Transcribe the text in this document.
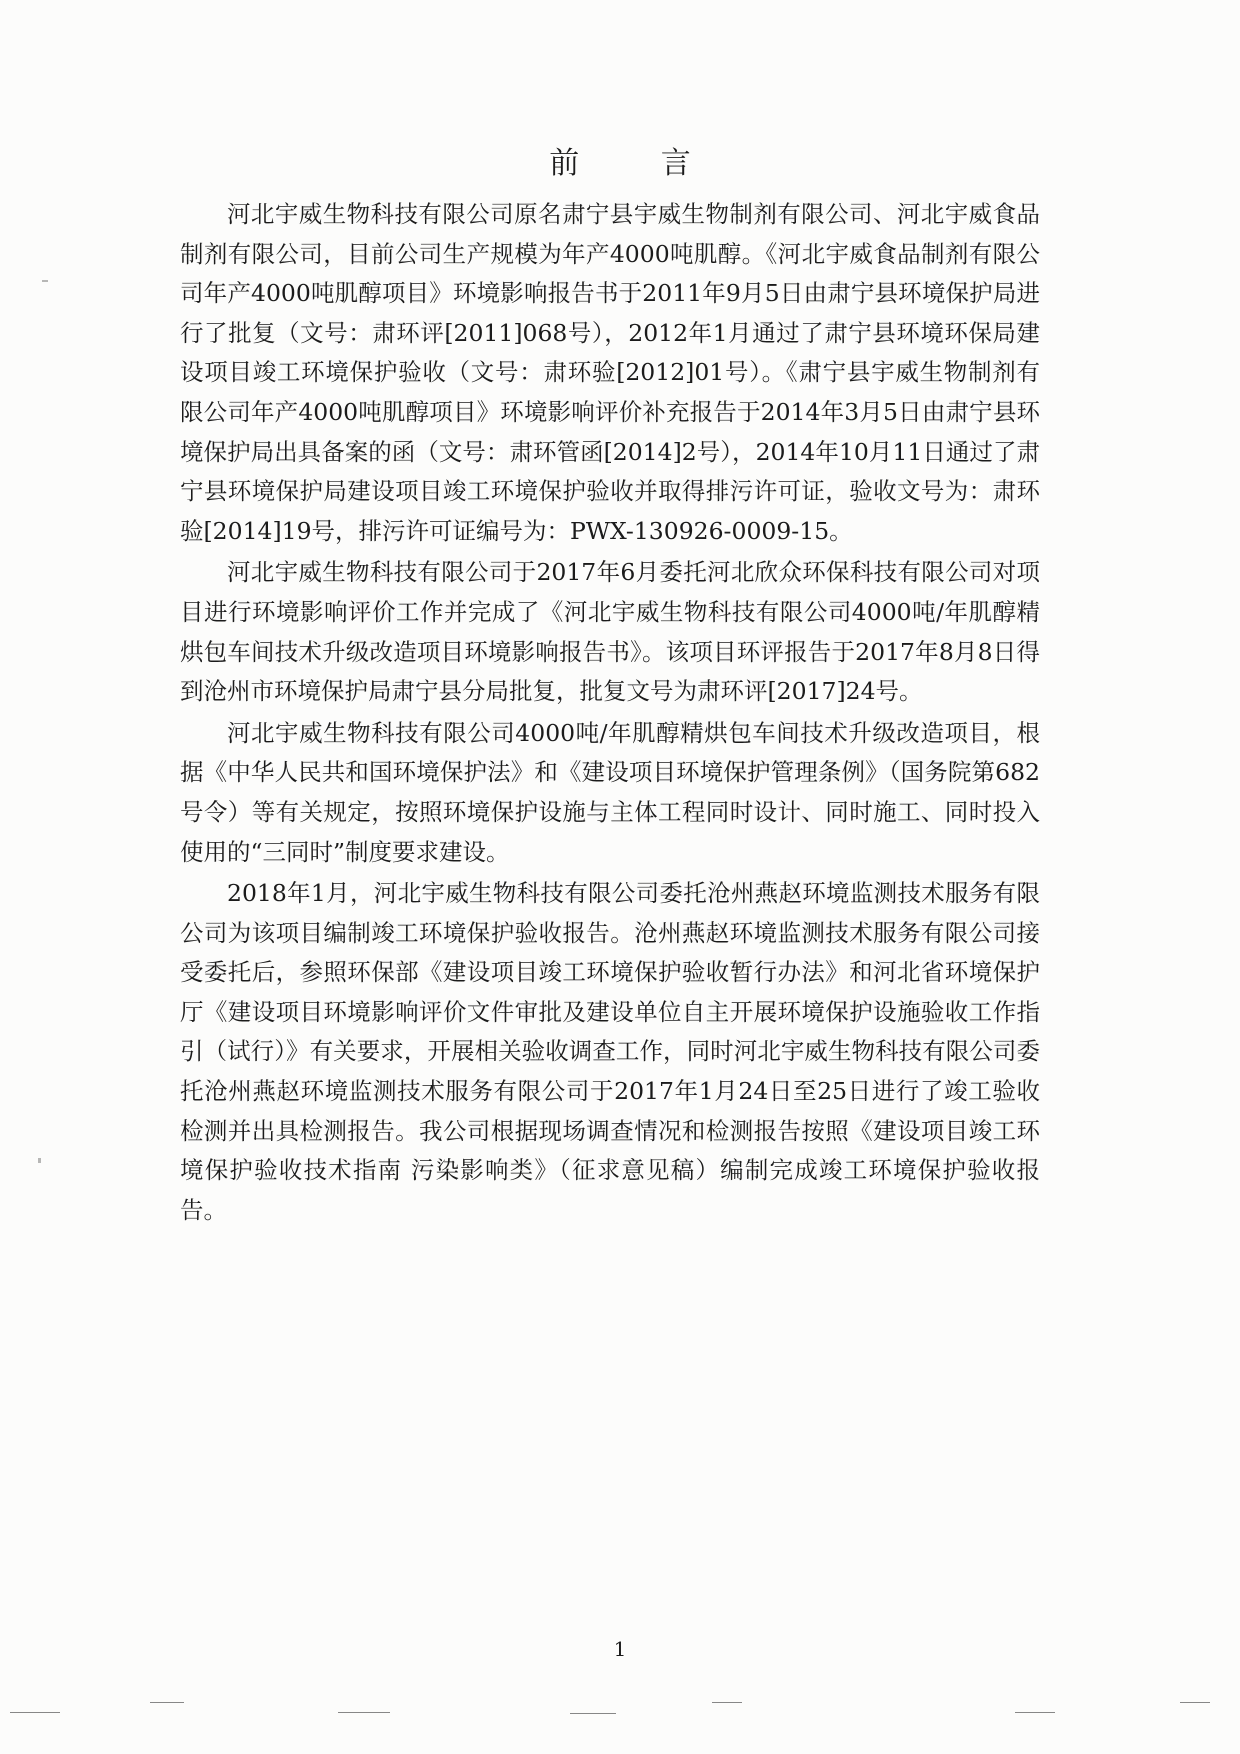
前 言

河北宇威生物科技有限公司原名肃宁县宇威生物制剂有限公司、河北宇威食品制剂有限公司，目前公司生产规模为年产4000吨肌醇。《河北宇威食品制剂有限公司年产4000吨肌醇项目》环境影响报告书于2011年9月5日由肃宁县环境保护局进行了批复（文号：肃环评[2011]068号），2012年1月通过了肃宁县环境环保局建设项目竣工环境保护验收（文号：肃环验[2012]01号）。《肃宁县宇威生物制剂有限公司年产4000吨肌醇项目》环境影响评价补充报告于2014年3月5日由肃宁县环境保护局出具备案的函（文号：肃环管函[2014]2号），2014年10月11日通过了肃宁县环境保护局建设项目竣工环境保护验收并取得排污许可证，验收文号为：肃环验[2014]19号，排污许可证编号为：PWX-130926-0009-15。

河北宇威生物科技有限公司于2017年6月委托河北欣众环保科技有限公司对项目进行环境影响评价工作并完成了《河北宇威生物科技有限公司4000吨/年肌醇精烘包车间技术升级改造项目环境影响报告书》。该项目环评报告于2017年8月8日得到沧州市环境保护局肃宁县分局批复，批复文号为肃环评[2017]24号。

河北宇威生物科技有限公司4000吨/年肌醇精烘包车间技术升级改造项目，根据《中华人民共和国环境保护法》和《建设项目环境保护管理条例》（国务院第682号令）等有关规定，按照环境保护设施与主体工程同时设计、同时施工、同时投入使用的“三同时”制度要求建设。

2018年1月，河北宇威生物科技有限公司委托沧州燕赵环境监测技术服务有限公司为该项目编制竣工环境保护验收报告。沧州燕赵环境监测技术服务有限公司接受委托后，参照环保部《建设项目竣工环境保护验收暂行办法》和河北省环境保护厅《建设项目环境影响评价文件审批及建设单位自主开展环境保护设施验收工作指引（试行）》有关要求，开展相关验收调查工作，同时河北宇威生物科技有限公司委托沧州燕赵环境监测技术服务有限公司于2017年1月24日至25日进行了竣工验收检测并出具检测报告。我公司根据现场调查情况和检测报告按照《建设项目竣工环境保护验收技术指南 污染影响类》（征求意见稿）编制完成竣工环境保护验收报告。

1
